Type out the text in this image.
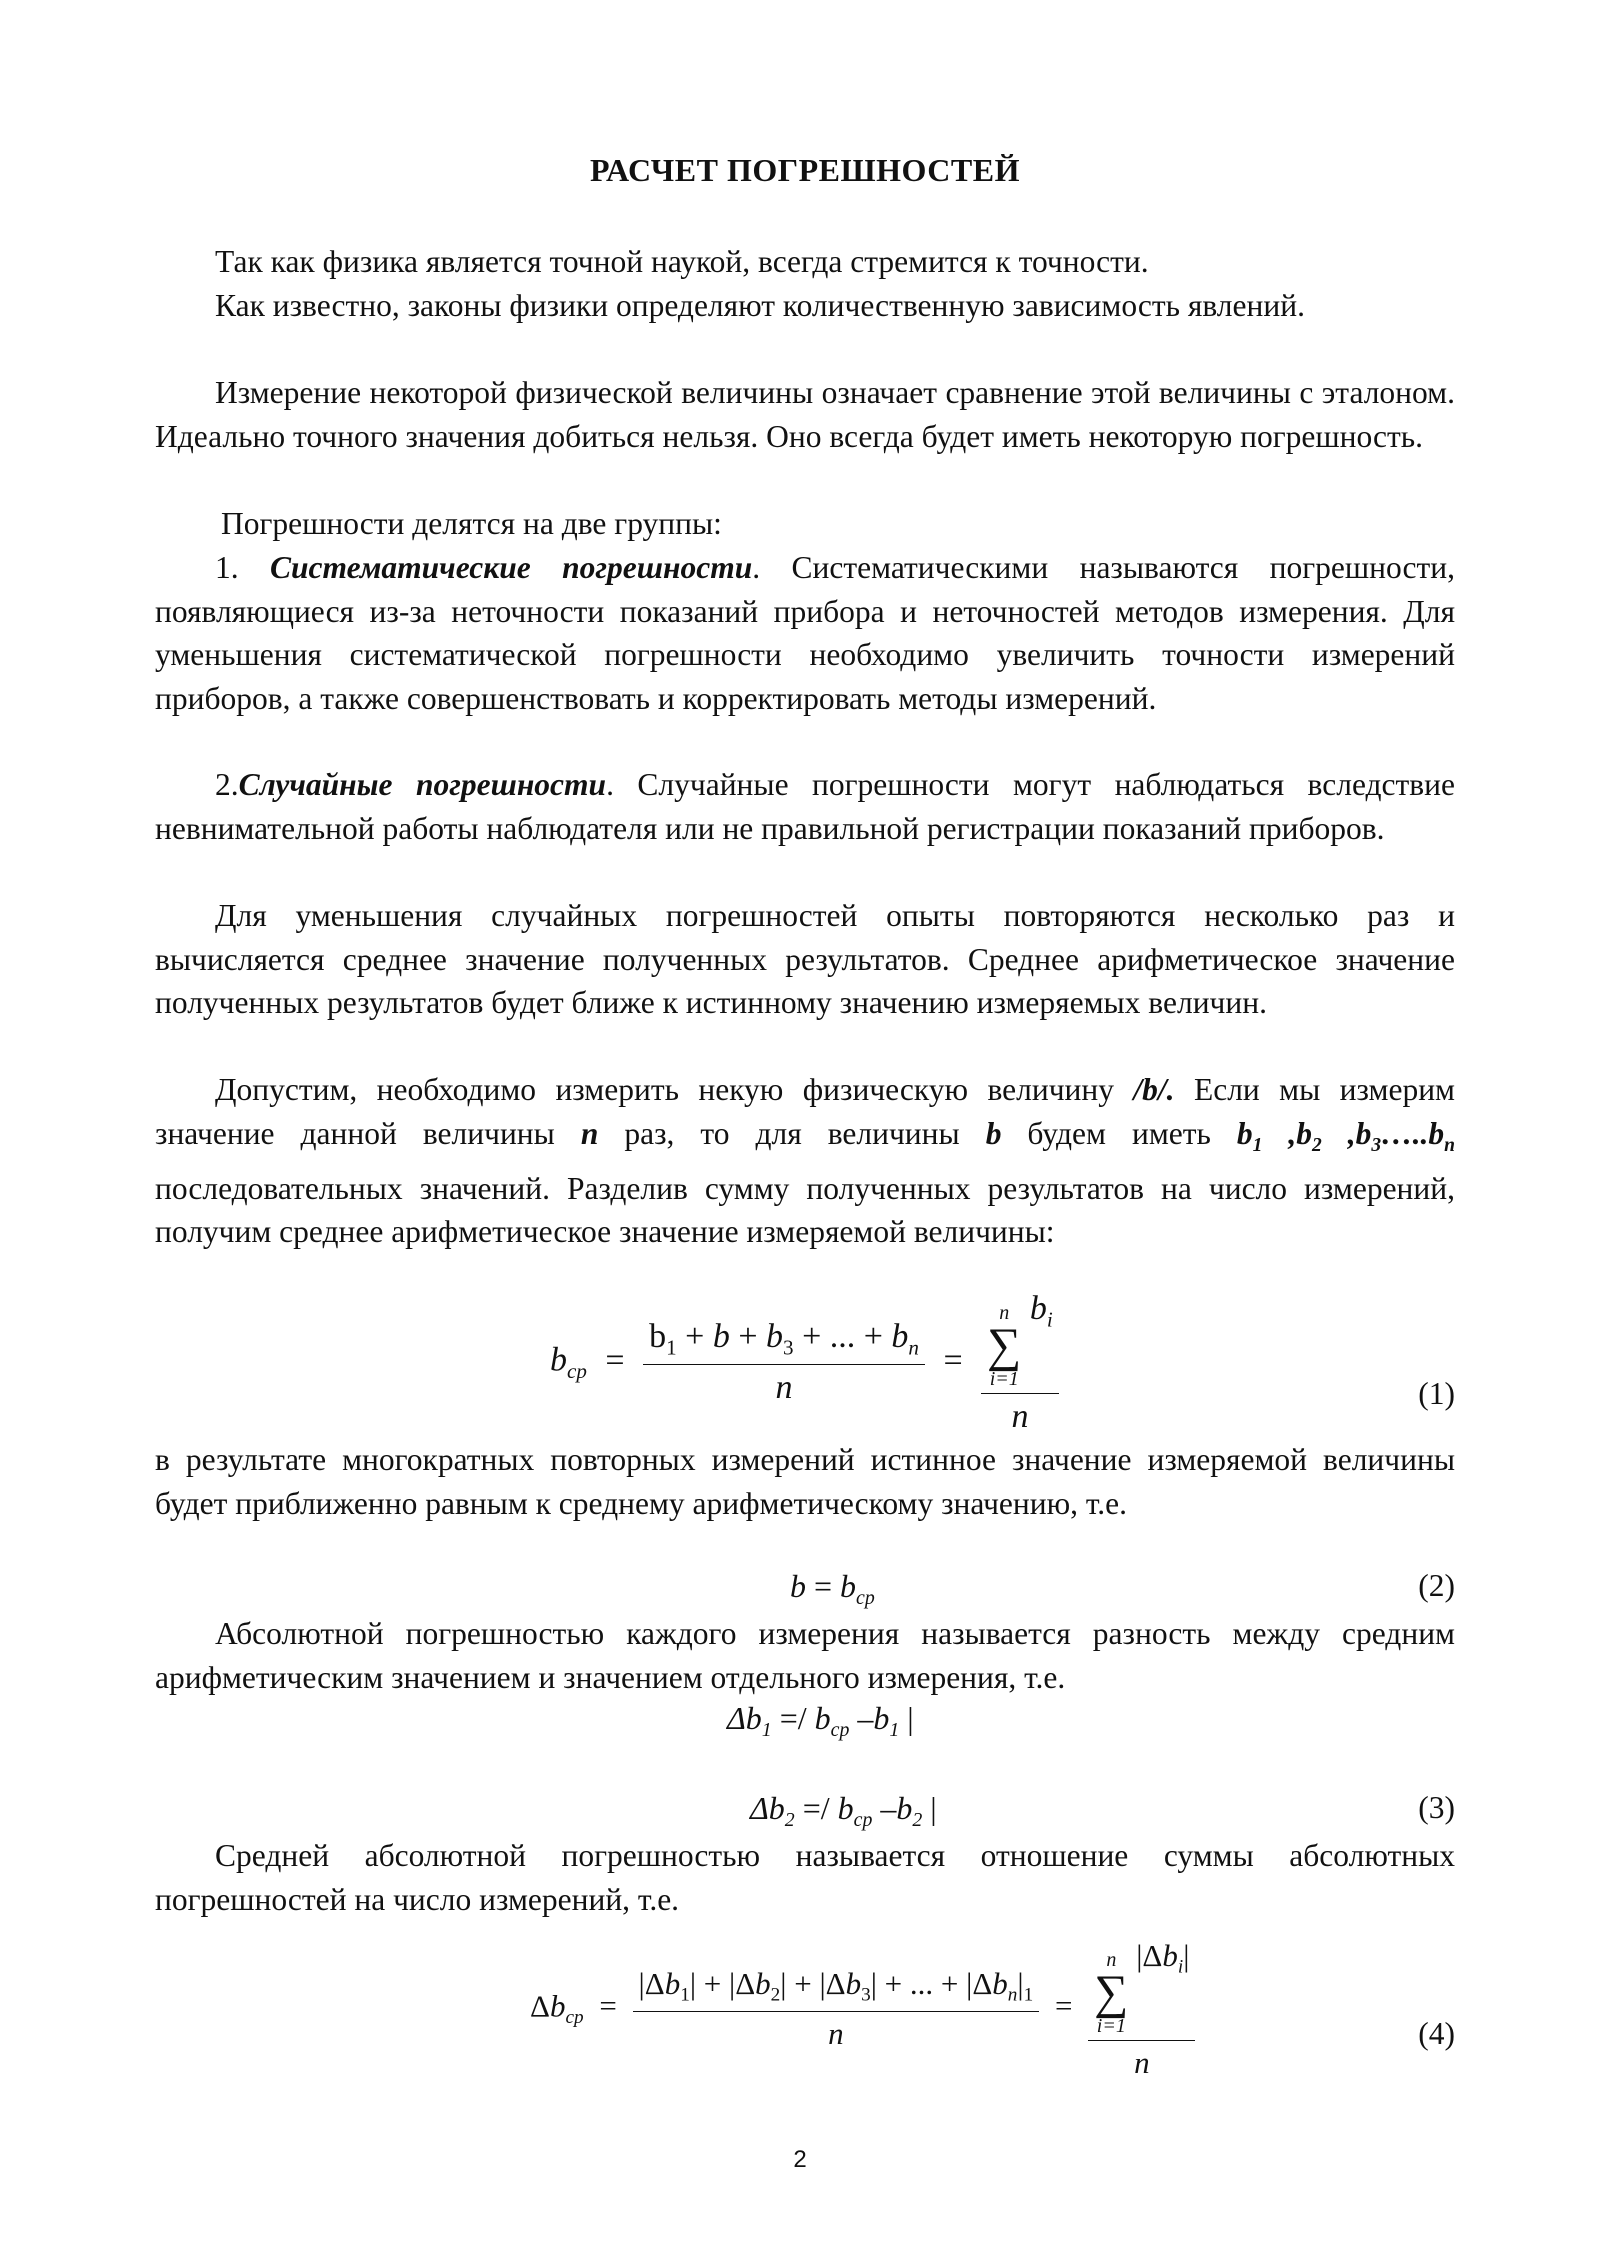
РАСЧЕТ ПОГРЕШНОСТЕЙ
Так как физика является точной наукой, всегда стремится к точности.
Как известно, законы физики определяют количественную зависимость явлений.
Измерение некоторой физической величины означает сравнение этой величины с эталоном. Идеально точного значения добиться нельзя. Оно всегда будет иметь некоторую погрешность.
Погрешности делятся на две группы:
1. Систематические погрешности. Систематическими называются погрешности, появляющиеся из-за неточности показаний прибора и неточностей методов измерения. Для уменьшения систематической погрешности необходимо увеличить точности измерений приборов, а также совершенствовать и корректировать методы измерений.
2.Случайные погрешности. Случайные погрешности могут наблюдаться вследствие невнимательной работы наблюдателя или не правильной регистрации показаний приборов.
Для уменьшения случайных погрешностей опыты повторяются несколько раз и вычисляется среднее значение полученных результатов. Среднее арифметическое значение полученных результатов будет ближе к истинному значению измеряемых величин.
Допустим, необходимо измерить некую физическую величину /b/. Если мы измерим значение данной величины n раз, то для величины b будем иметь $b_1$ $,b_2$ $,b_3\dots..b_n$ последовательных значений. Разделив сумму полученных результатов на число измерений, получим среднее арифметическое значение измеряемой величины:
$b_{cp} = \frac{b_1 + b + b_3 + ... + b_n}{n} = n$
∑
i=1
$b_i$
n	(1)
в результате многократных повторных измерений истинное значение измеряемой величины будет приближенно равным к среднему арифметическому значению, т.е.
$b = b_{cp}$	(2)
Абсолютной погрешностью каждого измерения называется разность между средним арифметическим значением и значением отдельного измерения, т.е.
$\Delta b_1 =/ b_{cp}$ $-b_1$ |
$\Delta b_2 =/ b_{cp}$ $-b_2$ |	(3)
Средней абсолютной погрешностью называется отношение суммы абсолютных погрешностей на число измерений, т.е.
$\Delta b_{cp} = \frac{|\Delta b_1| + |\Delta b_2| + |\Delta b_3| + ... + |\Delta b_n|_1}{n} = n$
∑
i=1
$|\Delta b_i|$
n	(4)
2
